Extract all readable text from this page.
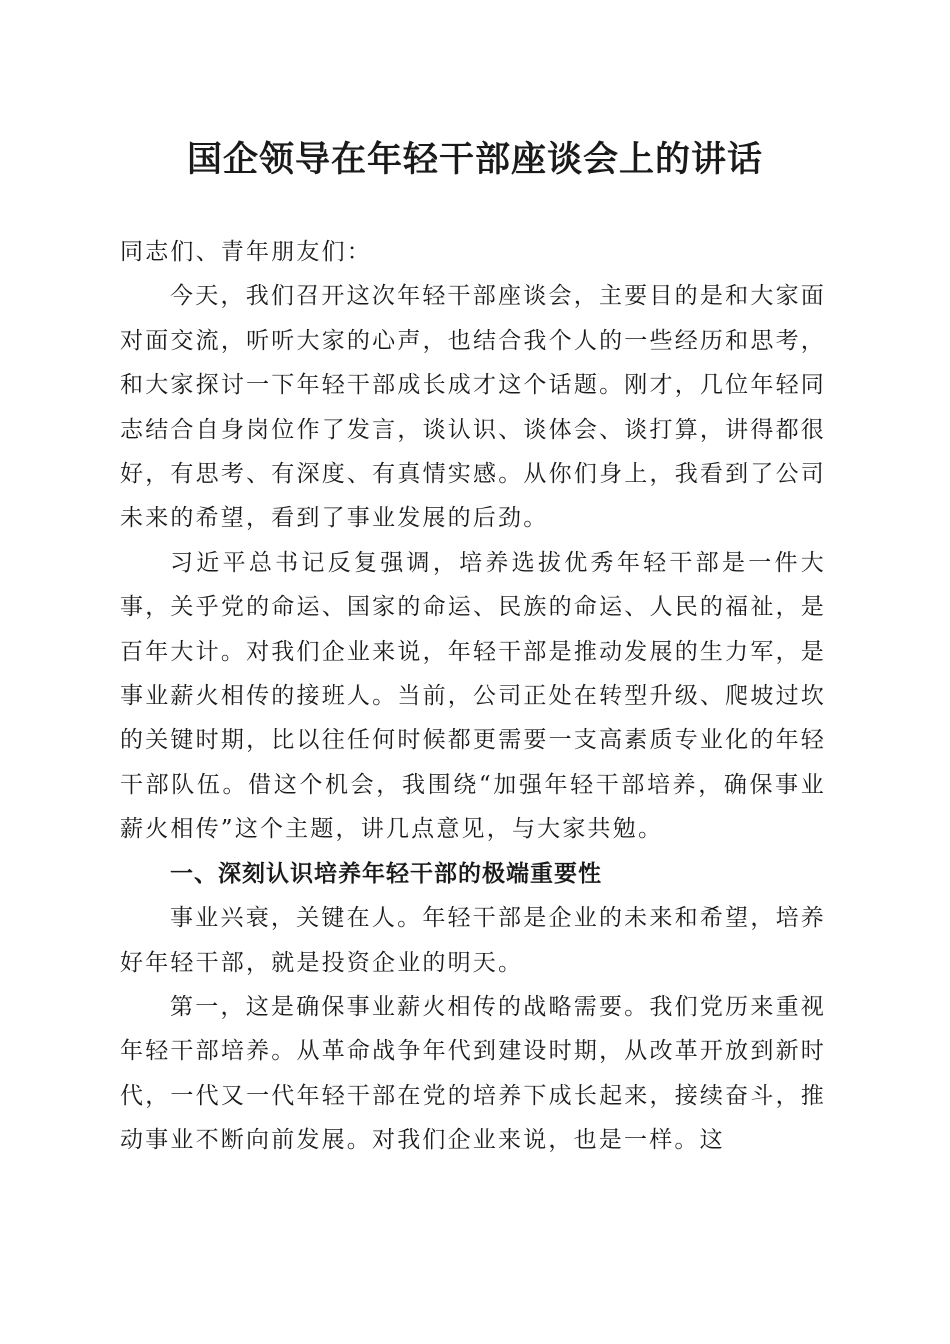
国企领导在年轻干部座谈会上的讲话

同志们、青年朋友们：

今天，我们召开这次年轻干部座谈会，主要目的是和大家面对面交流，听听大家的心声，也结合我个人的一些经历和思考，和大家探讨一下年轻干部成长成才这个话题。刚才，几位年轻同志结合自身岗位作了发言，谈认识、谈体会、谈打算，讲得都很好，有思考、有深度、有真情实感。从你们身上，我看到了公司未来的希望，看到了事业发展的后劲。

习近平总书记反复强调，培养选拔优秀年轻干部是一件大事，关乎党的命运、国家的命运、民族的命运、人民的福祉，是百年大计。对我们企业来说，年轻干部是推动发展的生力军，是事业薪火相传的接班人。当前，公司正处在转型升级、爬坡过坎的关键时期，比以往任何时候都更需要一支高素质专业化的年轻干部队伍。借这个机会，我围绕“加强年轻干部培养，确保事业薪火相传”这个主题，讲几点意见，与大家共勉。

一、深刻认识培养年轻干部的极端重要性

事业兴衰，关键在人。年轻干部是企业的未来和希望，培养好年轻干部，就是投资企业的明天。

第一，这是确保事业薪火相传的战略需要。我们党历来重视年轻干部培养。从革命战争年代到建设时期，从改革开放到新时代，一代又一代年轻干部在党的培养下成长起来，接续奋斗，推动事业不断向前发展。对我们企业来说，也是一样。这
